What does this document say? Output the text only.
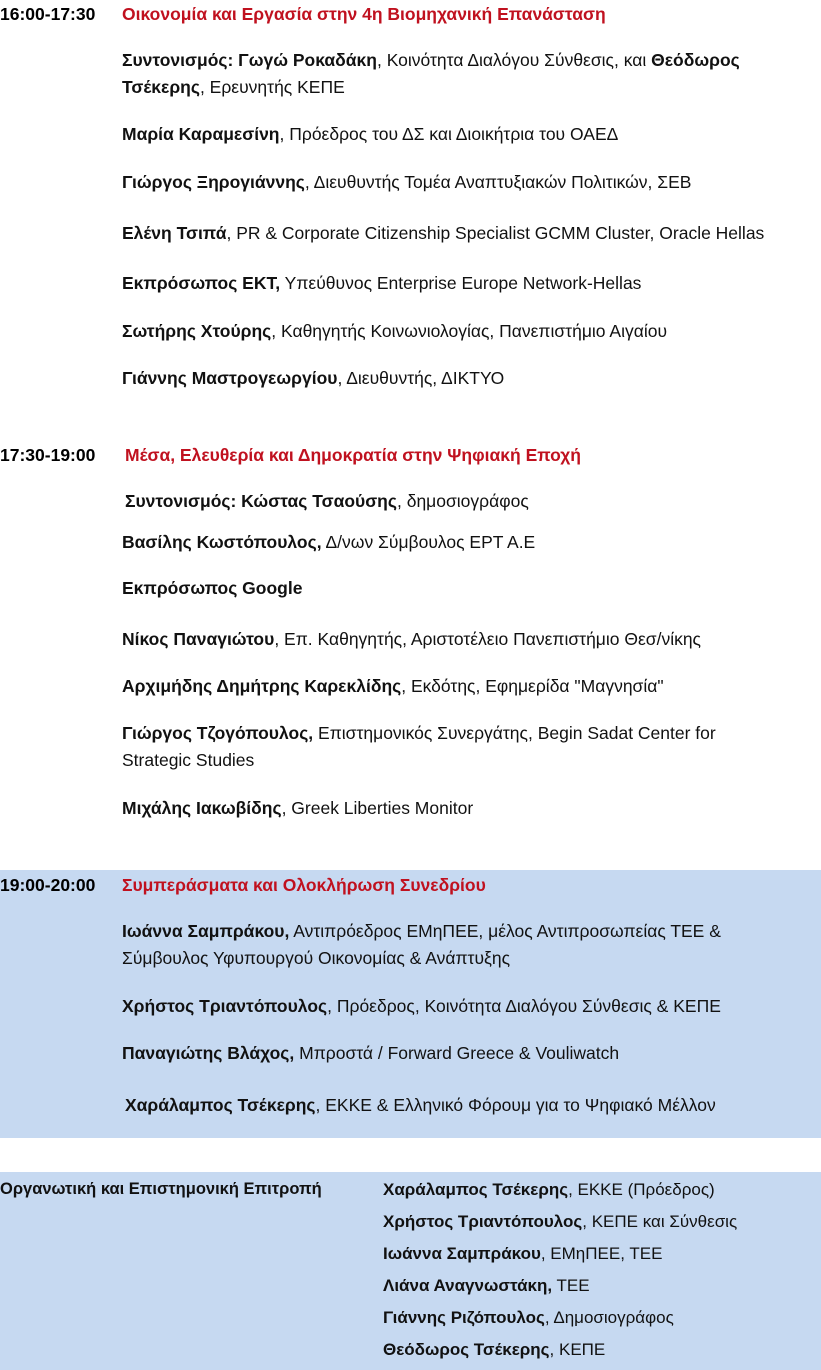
16:00-17:30 Οικονομία και Εργασία στην 4η Βιομηχανική Επανάσταση
Συντονισμός: Γωγώ Ροκαδάκη, Κοινότητα Διαλόγου Σύνθεσις, και Θεόδωρος Τσέκερης, Ερευνητής ΚΕΠΕ
Μαρία Καραμεσίνη, Πρόεδρος του ΔΣ και Διοικήτρια του ΟΑΕΔ
Γιώργος Ξηρογιάννης, Διευθυντής Τομέα Αναπτυξιακών Πολιτικών, ΣΕΒ
Ελένη Τσιπά, PR & Corporate Citizenship Specialist GCMM Cluster, Oracle Hellas
Εκπρόσωπος ΕΚΤ, Υπεύθυνος Enterprise Europe Network-Hellas
Σωτήρης Χτούρης, Καθηγητής Κοινωνιολογίας, Πανεπιστήμιο Αιγαίου
Γιάννης Μαστρογεωργίου, Διευθυντής, ΔΙΚΤΥΟ
17:30-19:00 Μέσα, Ελευθερία και Δημοκρατία στην Ψηφιακή Εποχή
Συντονισμός: Κώστας Τσαούσης, δημοσιογράφος
Βασίλης Κωστόπουλος, Δ/νων Σύμβουλος ΕΡΤ Α.Ε
Εκπρόσωπος Google
Νίκος Παναγιώτου, Επ. Καθηγητής, Αριστοτέλειο Πανεπιστήμιο Θεσ/νίκης
Αρχιμήδης Δημήτρης Καρεκλίδης, Εκδότης, Εφημερίδα "Μαγνησία"
Γιώργος Τζογόπουλος, Επιστημονικός Συνεργάτης, Begin Sadat Center for Strategic Studies
Μιχάλης Ιακωβίδης, Greek Liberties Monitor
19:00-20:00 Συμπεράσματα και Ολοκλήρωση Συνεδρίου
Ιωάννα Σαμπράκου, Αντιπρόεδρος ΕΜηΠΕΕ, μέλος Αντιπροσωπείας ΤΕΕ & Σύμβουλος Υφυπουργού Οικονομίας & Ανάπτυξης
Χρήστος Τριαντόπουλος, Πρόεδρος, Κοινότητα Διαλόγου Σύνθεσις & ΚΕΠΕ
Παναγιώτης Βλάχος, Μπροστά / Forward Greece & Vouliwatch
Χαράλαμπος Τσέκερης, ΕΚΚΕ & Ελληνικό Φόρουμ για το Ψηφιακό Μέλλον
Οργανωτική και Επιστημονική Επιτροπή	Χαράλαμπος Τσέκερης, ΕΚΚΕ (Πρόεδρος)
Χρήστος Τριαντόπουλος, ΚΕΠΕ και Σύνθεσις
Ιωάννα Σαμπράκου, ΕΜηΠΕΕ, ΤΕΕ
Λιάνα Αναγνωστάκη, ΤΕΕ
Γιάννης Ριζόπουλος, Δημοσιογράφος
Θεόδωρος Τσέκερης, ΚΕΠΕ
